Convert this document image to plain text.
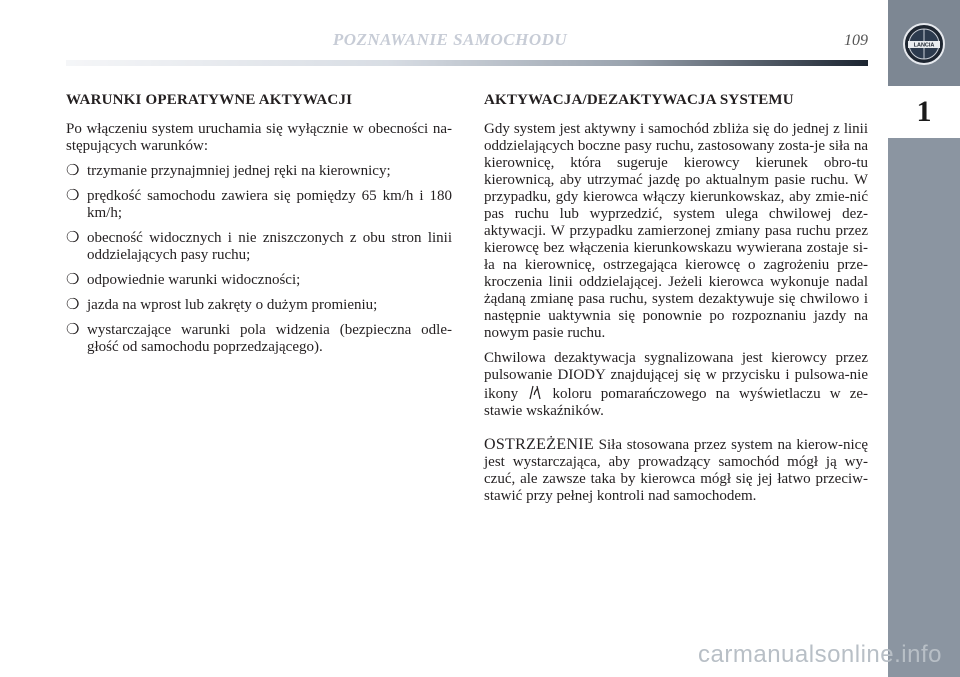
POZNAWANIE SAMOCHODU	109	LANCIA
1
WARUNKI OPERATYWNE AKTYWACJI

Po włączeniu system uruchamia się wyłącznie w obecności na-stępujących warunków:

❍ trzymanie przynajmniej jednej ręki na kierownicy;
❍ prędkość samochodu zawiera się pomiędzy 65 km/h i 180 km/h;
❍ obecność widocznych i nie zniszczonych z obu stron linii oddzielających pasy ruchu;
❍ odpowiednie warunki widoczności;
❍ jazda na wprost lub zakręty o dużym promieniu;
❍ wystarczające warunki pola widzenia (bezpieczna odle-głość od samochodu poprzedzającego).
AKTYWACJA/DEZAKTYWACJA SYSTEMU

Gdy system jest aktywny i samochód zbliża się do jednej z linii oddzielających boczne pasy ruchu, zastosowany zosta-je siła na kierownicę, która sugeruje kierowcy kierunek obro-tu kierownicą, aby utrzymać jazdę po aktualnym pasie ruchu. W przypadku, gdy kierowca włączy kierunkowskaz, aby zmie-nić pas ruchu lub wyprzedzić, system ulega chwilowej dez-aktywacji. W przypadku zamierzonej zmiany pasa ruchu przez kierowcę bez włączenia kierunkowskazu wywierana zostaje si-ła na kierownicę, ostrzegająca kierowcę o zagrożeniu prze-kroczenia linii oddzielającej. Jeżeli kierowca wykonuje nadal żądaną zmianę pasa ruchu, system dezaktywuje się chwilowo i następnie uaktywnia się ponownie po rozpoznaniu jazdy na nowym pasie ruchu.

Chwilowa dezaktywacja sygnalizowana jest kierowcy przez pulsowanie DIODY znajdującej się w przycisku i pulsowa-nie ikony koloru pomarańczowego na wyświetlaczu w ze-stawie wskaźników.

OSTRZEŻENIE Siła stosowana przez system na kierow-nicę jest wystarczająca, aby prowadzący samochód mógł ją wy-czuć, ale zawsze taka by kierowca mógł się jej łatwo przeciw-stawić przy pełnej kontroli nad samochodem.

carmanualsonline.info
